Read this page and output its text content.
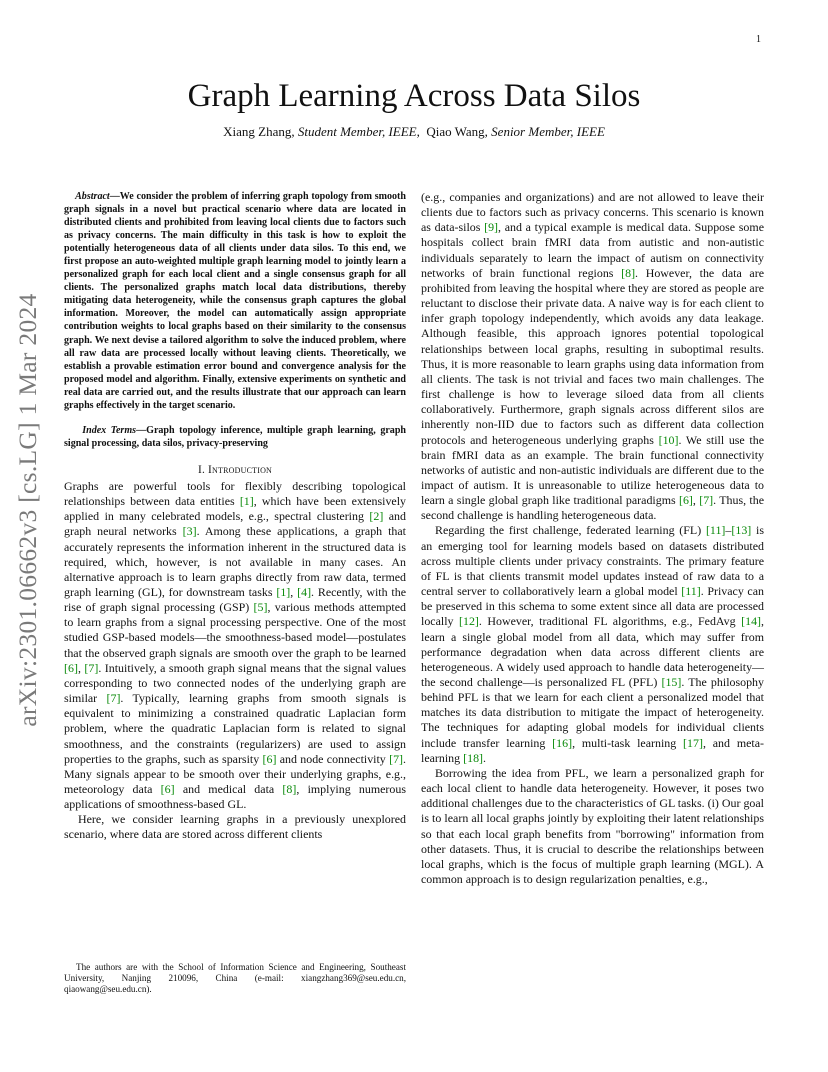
1
arXiv:2301.06662v3 [cs.LG] 1 Mar 2024
Graph Learning Across Data Silos

Xiang Zhang, Student Member, IEEE, Qiao Wang, Senior Member, IEEE

Abstract—We consider the problem of inferring graph topology from smooth graph signals in a novel but practical scenario where data are located in distributed clients and prohibited from leaving local clients due to factors such as privacy concerns. The main difficulty in this task is how to exploit the potentially heterogeneous data of all clients under data silos. To this end, we first propose an auto-weighted multiple graph learning model to jointly learn a personalized graph for each local client and a single consensus graph for all clients. The personalized graphs match local data distributions, thereby mitigating data heterogeneity, while the consensus graph captures the global information. Moreover, the model can automatically assign appropriate contribution weights to local graphs based on their similarity to the consensus graph. We next devise a tailored algorithm to solve the induced problem, where all raw data are processed locally without leaving clients. Theoretically, we establish a provable estimation error bound and convergence analysis for the proposed model and algorithm. Finally, extensive experiments on synthetic and real data are carried out, and the results illustrate that our approach can learn graphs effectively in the target scenario.

Index Terms—Graph topology inference, multiple graph learning, graph signal processing, data silos, privacy-preserving

I. Introduction

Graphs are powerful tools for flexibly describing topological relationships between data entities [ 1 ] , which have been extensively applied in many celebrated models, e.g., spectral clustering [ 2 ] and graph neural networks [ 3 ] . Among these applications, a graph that accurately represents the information inherent in the structured data is required, which, however, is not available in many cases. An alternative approach is to learn graphs directly from raw data, termed graph learning (GL), for downstream tasks [ 1 ] , [ 4 ] . Recently, with the rise of graph signal processing (GSP) [ 5 ] , various methods attempted to learn graphs from a signal processing perspective. One of the most studied GSP-based models—the smoothness-based model—postulates that the observed graph signals are smooth over the graph to be learned [ 6 ] , [ 7 ] . Intuitively, a smooth graph signal means that the signal values corresponding to two connected nodes of the underlying graph are similar [ 7 ] . Typically, learning graphs from smooth signals is equivalent to minimizing a constrained quadratic Laplacian form problem, where the quadratic Laplacian form is related to signal smoothness, and the constraints (regularizers) are used to assign properties to the graphs, such as sparsity [ 6 ] and node connectivity [ 7 ] . Many signals appear to be smooth over their underlying graphs, e.g., meteorology data [ 6 ] and medical data [ 8 ] , implying numerous applications of smoothness-based GL.

Here, we consider learning graphs in a previously unexplored scenario, where data are stored across different clients

The authors are with the School of Information Science and Engineering, Southeast University, Nanjing 210096, China (e-mail: xiangzhang369@seu.edu.cn, qiaowang@seu.edu.cn).

(e.g., companies and organizations) and are not allowed to leave their clients due to factors such as privacy concerns. This scenario is known as data-silos [ 9 ] , and a typical example is medical data. Suppose some hospitals collect brain fMRI data from autistic and non-autistic individuals separately to learn the impact of autism on connectivity networks of brain functional regions [ 8 ] . However, the data are prohibited from leaving the hospital where they are stored as people are reluctant to disclose their private data. A naive way is for each client to infer graph topology independently, which avoids any data leakage. Although feasible, this approach ignores potential topological relationships between local graphs, resulting in suboptimal results. Thus, it is more reasonable to learn graphs using data information from all clients. The task is not trivial and faces two main challenges. The first challenge is how to leverage siloed data from all clients collaboratively. Furthermore, graph signals across different silos are inherently non-IID due to factors such as different data collection protocols and heterogeneous underlying graphs [ 10 ] . We still use the brain fMRI data as an example. The brain functional connectivity networks of autistic and non-autistic individuals are different due to the impact of autism. It is unreasonable to utilize heterogeneous data to learn a single global graph like traditional paradigms [ 6 ] , [ 7 ] . Thus, the second challenge is handling heterogeneous data.

Regarding the first challenge, federated learning (FL) [ 11 ] –[ 13 ] is an emerging tool for learning models based on datasets distributed across multiple clients under privacy constraints. The primary feature of FL is that clients transmit model updates instead of raw data to a central server to collaboratively learn a global model [ 11 ] . Privacy can be preserved in this schema to some extent since all data are processed locally [ 12 ] . However, traditional FL algorithms, e.g., FedAvg [ 14 ] , learn a single global model from all data, which may suffer from performance degradation when data across different clients are heterogeneous. A widely used approach to handle data heterogeneity—the second challenge—is personalized FL (PFL) [ 15 ] . The philosophy behind PFL is that we learn for each client a personalized model that matches its data distribution to mitigate the impact of heterogeneity. The techniques for adapting global models for individual clients include transfer learning [ 16 ] , multi-task learning [ 17 ] , and meta-learning [ 18 ] .

Borrowing the idea from PFL, we learn a personalized graph for each local client to handle data heterogeneity. However, it poses two additional challenges due to the characteristics of GL tasks. (i) Our goal is to learn all local graphs jointly by exploiting their latent relationships so that each local graph benefits from "borrowing" information from other datasets. Thus, it is crucial to describe the relationships between local graphs, which is the focus of multiple graph learning (MGL). A common approach is to design regularization penalties, e.g.,
